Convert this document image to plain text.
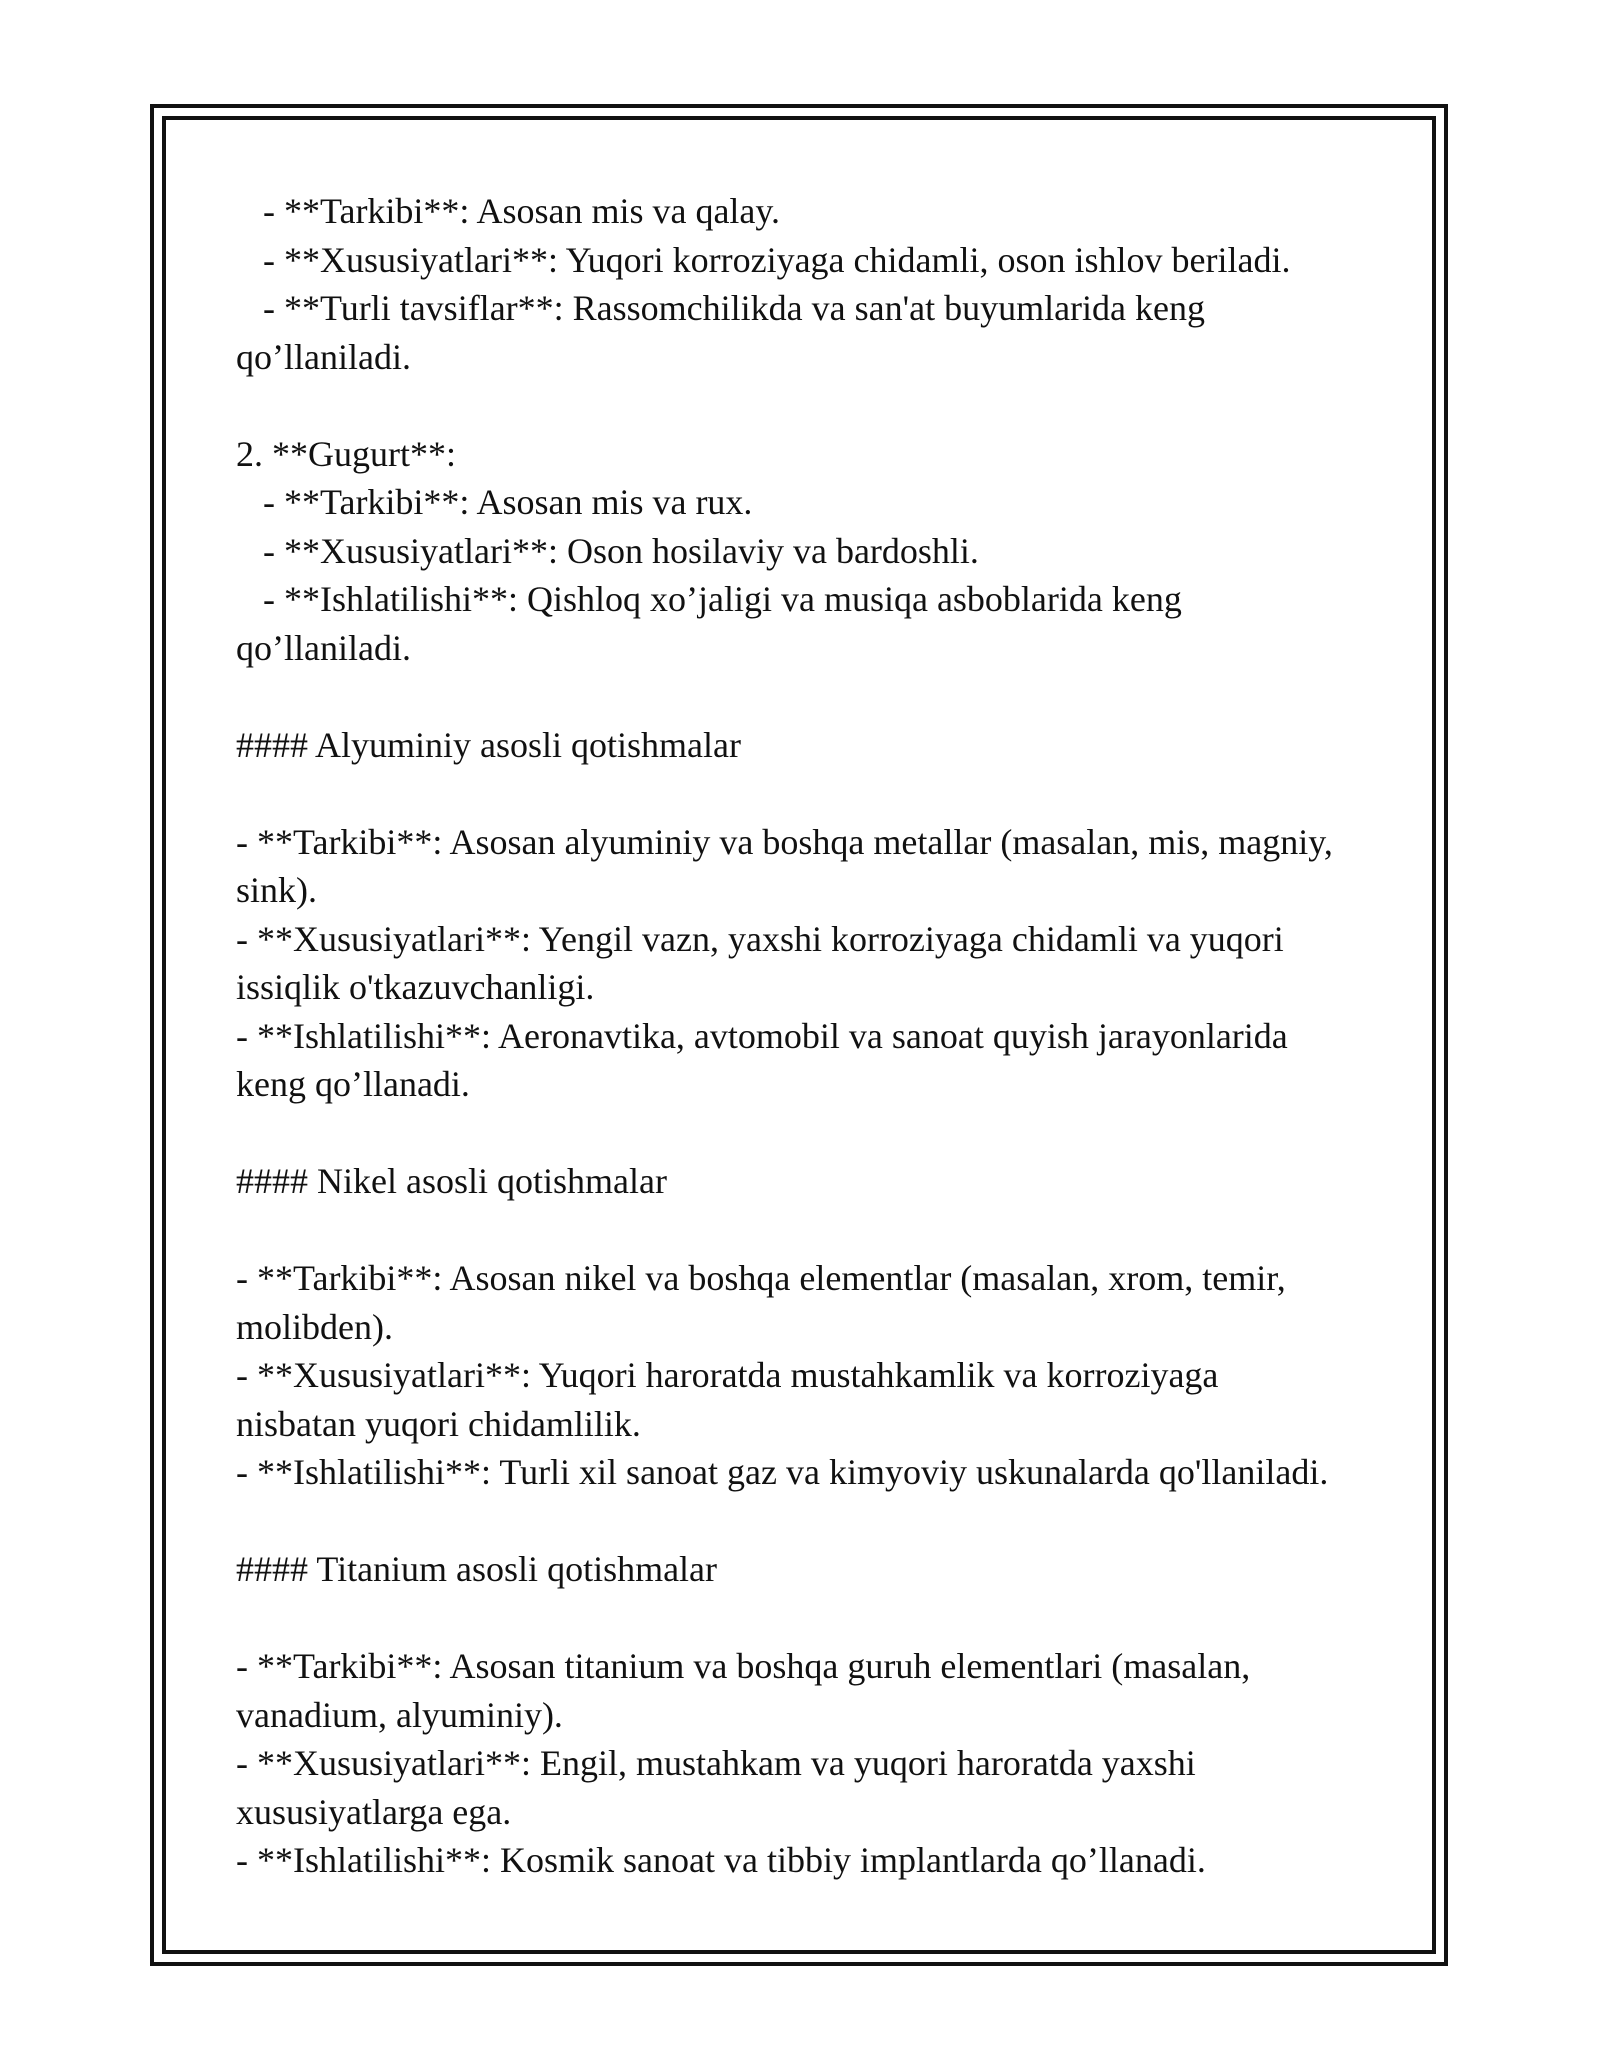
- **Tarkibi**: Asosan mis va qalay.
- **Xususiyatlari**: Yuqori korroziyaga chidamli, oson ishlov beriladi.
- **Turli tavsiflar**: Rassomchilikda va san'at buyumlarida keng
qo’llaniladi.
2. **Gugurt**:
- **Tarkibi**: Asosan mis va rux.
- **Xususiyatlari**: Oson hosilaviy va bardoshli.
- **Ishlatilishi**: Qishloq xo’jaligi va musiqa asboblarida keng
qo’llaniladi.
#### Alyuminiy asosli qotishmalar
- **Tarkibi**: Asosan alyuminiy va boshqa metallar (masalan, mis, magniy,
sink).
- **Xususiyatlari**: Yengil vazn, yaxshi korroziyaga chidamli va yuqori
issiqlik o'tkazuvchanligi.
- **Ishlatilishi**: Aeronavtika, avtomobil va sanoat quyish jarayonlarida
keng qo’llanadi.
#### Nikel asosli qotishmalar
- **Tarkibi**: Asosan nikel va boshqa elementlar (masalan, xrom, temir,
molibden).
- **Xususiyatlari**: Yuqori haroratda mustahkamlik va korroziyaga
nisbatan yuqori chidamlilik.
- **Ishlatilishi**: Turli xil sanoat gaz va kimyoviy uskunalarda qo'llaniladi.
#### Titanium asosli qotishmalar
- **Tarkibi**: Asosan titanium va boshqa guruh elementlari (masalan,
vanadium, alyuminiy).
- **Xususiyatlari**: Engil, mustahkam va yuqori haroratda yaxshi
xususiyatlarga ega.
- **Ishlatilishi**: Kosmik sanoat va tibbiy implantlarda qo’llanadi.
